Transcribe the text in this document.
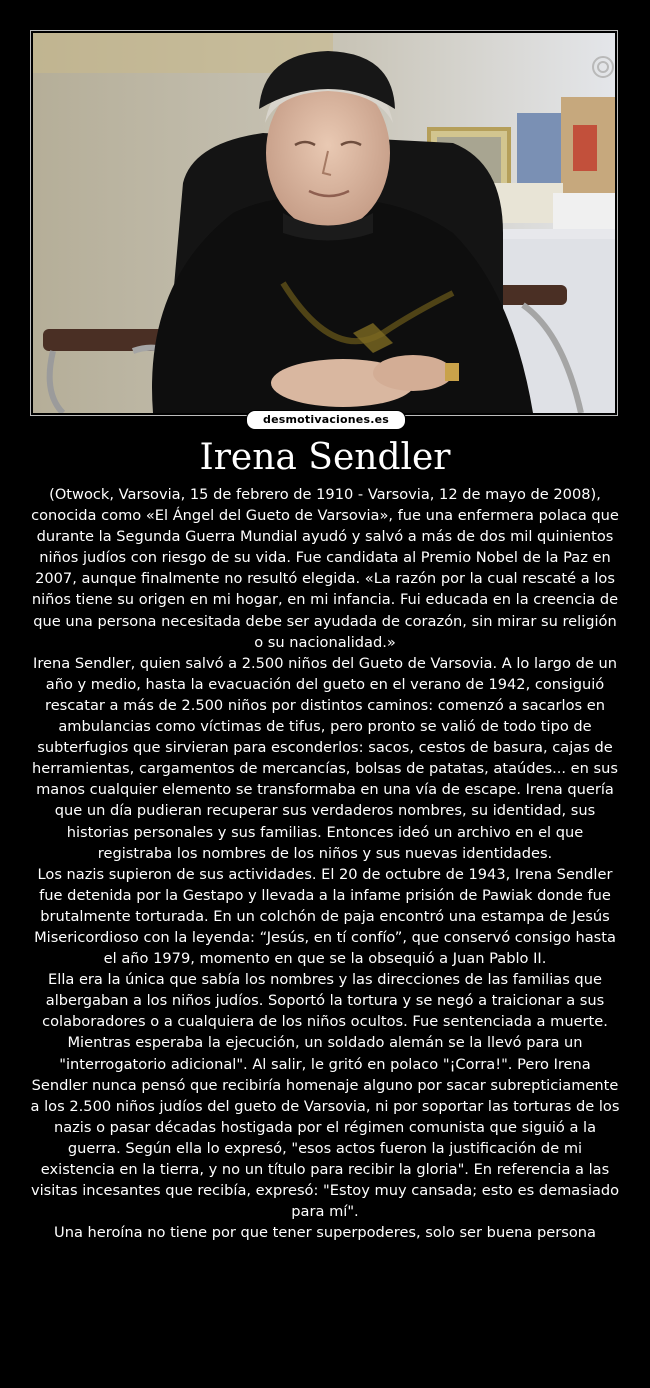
desmotivaciones.es
Irena Sendler

(Otwock, Varsovia, 15 de febrero de 1910 - Varsovia, 12 de mayo de 2008), conocida como «El Ángel del Gueto de Varsovia», fue una enfermera polaca que durante la Segunda Guerra Mundial ayudó y salvó a más de dos mil quinientos niños judíos con riesgo de su vida. Fue candidata al Premio Nobel de la Paz en 2007, aunque finalmente no resultó elegida. «La razón por la cual rescaté a los niños tiene su origen en mi hogar, en mi infancia. Fui educada en la creencia de que una persona necesitada debe ser ayudada de corazón, sin mirar su religión o su nacionalidad.»

Irena Sendler, quien salvó a 2.500 niños del Gueto de Varsovia. A lo largo de un año y medio, hasta la evacuación del gueto en el verano de 1942, consiguió rescatar a más de 2.500 niños por distintos caminos: comenzó a sacarlos en ambulancias como víctimas de tifus, pero pronto se valió de todo tipo de subterfugios que sirvieran para esconderlos: sacos, cestos de basura, cajas de herramientas, cargamentos de mercancías, bolsas de patatas, ataúdes... en sus manos cualquier elemento se transformaba en una vía de escape. Irena quería que un día pudieran recuperar sus verdaderos nombres, su identidad, sus historias personales y sus familias. Entonces ideó un archivo en el que registraba los nombres de los niños y sus nuevas identidades.

Los nazis supieron de sus actividades. El 20 de octubre de 1943, Irena Sendler fue detenida por la Gestapo y llevada a la infame prisión de Pawiak donde fue brutalmente torturada. En un colchón de paja encontró una estampa de Jesús Misericordioso con la leyenda: “Jesús, en tí confío”, que conservó consigo hasta el año 1979, momento en que se la obsequió a Juan Pablo II.

Ella era la única que sabía los nombres y las direcciones de las familias que albergaban a los niños judíos. Soportó la tortura y se negó a traicionar a sus colaboradores o a cualquiera de los niños ocultos. Fue sentenciada a muerte. Mientras esperaba la ejecución, un soldado alemán se la llevó para un "interrogatorio adicional". Al salir, le gritó en polaco "¡Corra!". Pero Irena Sendler nunca pensó que recibiría homenaje alguno por sacar subrepticiamente a los 2.500 niños judíos del gueto de Varsovia, ni por soportar las torturas de los nazis o pasar décadas hostigada por el régimen comunista que siguió a la guerra. Según ella lo expresó, "esos actos fueron la justificación de mi existencia en la tierra, y no un título para recibir la gloria". En referencia a las visitas incesantes que recibía, expresó: "Estoy muy cansada; esto es demasiado para mí".

Una heroína no tiene por que tener superpoderes, solo ser buena persona
